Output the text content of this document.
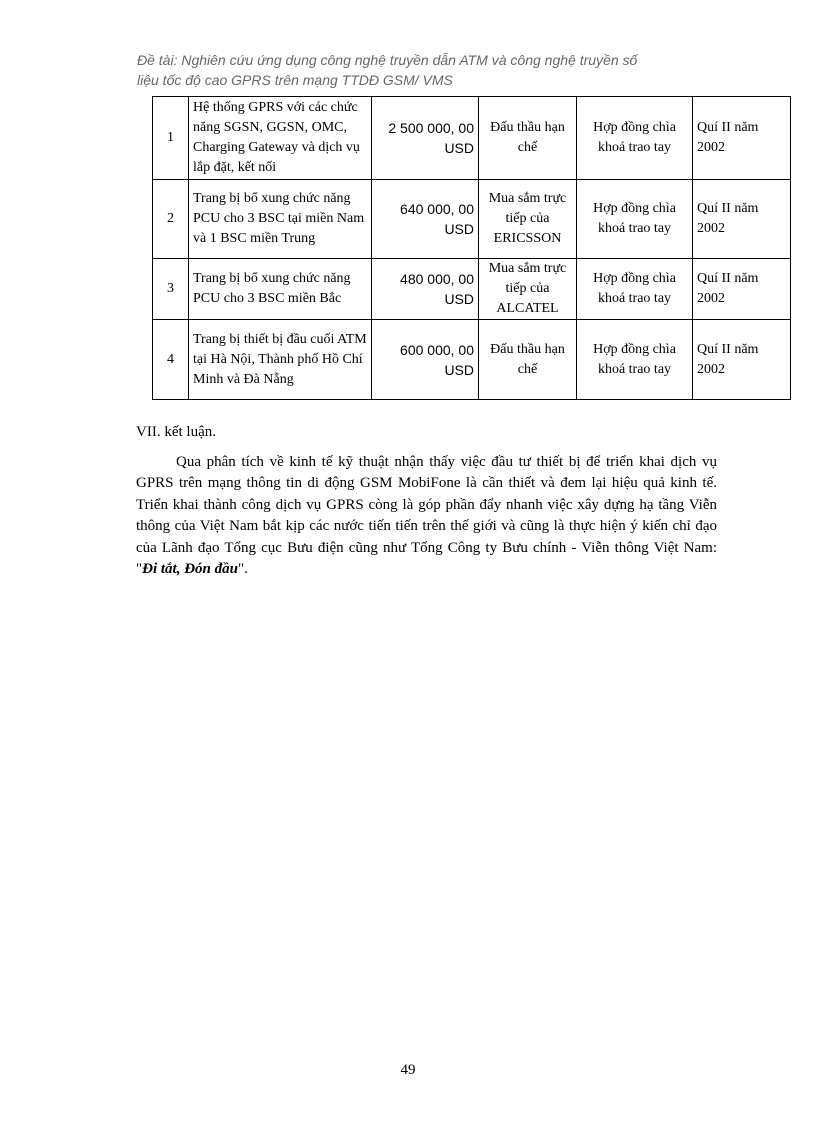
Đề tài: Nghiên cứu ứng dụng công nghệ truyền dẫn ATM và công nghệ truyền số
liệu tốc độ cao GPRS trên mạng TTDĐ GSM/ VMS
1	Hệ thống GPRS với các chức năng SGSN, GGSN, OMC, Charging Gateway và dịch vụ lắp đặt, kết nối	2 500 000, 00 USD	Đấu thầu hạn chế	Hợp đồng chìa khoá trao tay	Quí II năm 2002
2	Trang bị bổ xung chức năng PCU cho 3 BSC tại miền Nam và 1 BSC miền Trung	640 000, 00 USD	Mua sắm trực tiếp của ERICSSON	Hợp đồng chìa khoá trao tay	Quí II năm 2002
3	Trang bị bổ xung chức năng PCU cho 3 BSC miền Bắc	480 000, 00 USD	Mua sắm trực tiếp của ALCATEL	Hợp đồng chìa khoá trao tay	Quí II năm 2002
4	Trang bị thiết bị đầu cuối ATM tại Hà Nội, Thành phố Hồ Chí Minh và Đà Nẵng	600 000, 00 USD	Đấu thầu hạn chế	Hợp đồng chìa khoá trao tay	Quí II năm 2002
VII. kết luận.
Qua phân tích về kinh tế kỹ thuật nhận thấy việc đầu tư thiết bị để triển khai dịch vụ GPRS trên mạng thông tin di động GSM MobiFone là cần thiết và đem lại hiệu quả kinh tế. Triển khai thành công dịch vụ GPRS còng là góp phần đẩy nhanh việc xây dựng hạ tầng Viễn thông của Việt Nam bắt kịp các nước tiến tiến trên thế giới và cũng là thực hiện ý kiến chỉ đạo của Lãnh đạo Tổng cục Bưu điện cũng như Tổng Công ty Bưu chính - Viễn thông Việt Nam: "Đi tắt, Đón đầu".
49
